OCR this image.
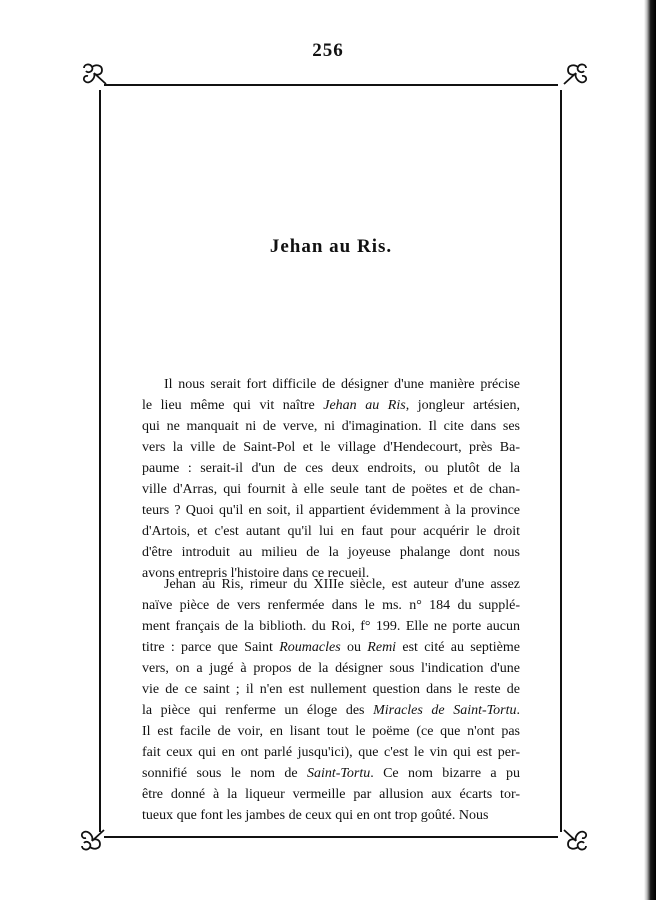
256
Jehan au Ris.
Il nous serait fort difficile de désigner d'une manière précise
le lieu même qui vit naître Jehan au Ris, jongleur artésien,
qui ne manquait ni de verve, ni d'imagination. Il cite dans ses
vers la ville de Saint-Pol et le village d'Hendecourt, près Ba-
paume : serait-il d'un de ces deux endroits, ou plutôt de la
ville d'Arras, qui fournit à elle seule tant de poëtes et de chan-
teurs ? Quoi qu'il en soit, il appartient évidemment à la province
d'Artois, et c'est autant qu'il lui en faut pour acquérir le droit
d'être introduit au milieu de la joyeuse phalange dont nous
avons entrepris l'histoire dans ce recueil.
Jehan au Ris, rimeur du XIIIe siècle, est auteur d'une assez
naïve pièce de vers renfermée dans le ms. n° 184 du supplé-
ment français de la biblioth. du Roi, f° 199. Elle ne porte aucun
titre : parce que Saint Roumacles ou Remi est cité au septième
vers, on a jugé à propos de la désigner sous l'indication d'une
vie de ce saint ; il n'en est nullement question dans le reste de
la pièce qui renferme un éloge des Miracles de Saint-Tortu.
Il est facile de voir, en lisant tout le poëme (ce que n'ont pas
fait ceux qui en ont parlé jusqu'ici), que c'est le vin qui est per-
sonnifié sous le nom de Saint-Tortu. Ce nom bizarre a pu
être donné à la liqueur vermeille par allusion aux écarts tor-
tueux que font les jambes de ceux qui en ont trop goûté. Nous
